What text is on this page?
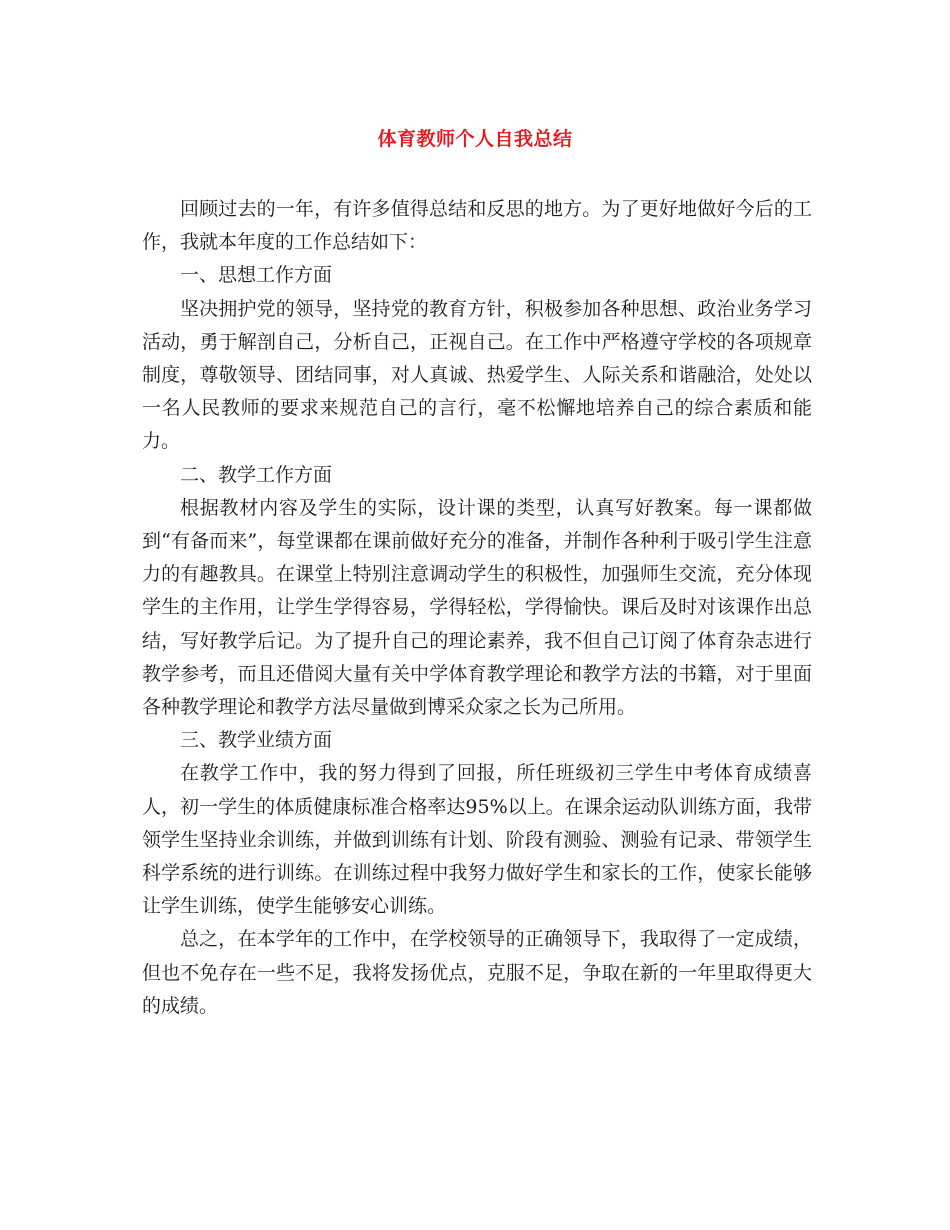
体育教师个人自我总结

回顾过去的一年，有许多值得总结和反思的地方。为了更好地做好今后的工作，我就本年度的工作总结如下：

一、思想工作方面

坚决拥护党的领导，坚持党的教育方针，积极参加各种思想、政治业务学习活动，勇于解剖自己，分析自己，正视自己。在工作中严格遵守学校的各项规章制度，尊敬领导、团结同事，对人真诚、热爱学生、人际关系和谐融洽，处处以一名人民教师的要求来规范自己的言行，毫不松懈地培养自己的综合素质和能力。

二、教学工作方面

根据教材内容及学生的实际，设计课的类型，认真写好教案。每一课都做到“有备而来”，每堂课都在课前做好充分的准备，并制作各种利于吸引学生注意力的有趣教具。在课堂上特别注意调动学生的积极性，加强师生交流，充分体现学生的主作用，让学生学得容易，学得轻松，学得愉快。课后及时对该课作出总结，写好教学后记。为了提升自己的理论素养，我不但自己订阅了体育杂志进行教学参考，而且还借阅大量有关中学体育教学理论和教学方法的书籍，对于里面各种教学理论和教学方法尽量做到博采众家之长为己所用。

三、教学业绩方面

在教学工作中，我的努力得到了回报，所任班级初三学生中考体育成绩喜人，初一学生的体质健康标准合格率达95%以上。在课余运动队训练方面，我带领学生坚持业余训练，并做到训练有计划、阶段有测验、测验有记录、带领学生科学系统的进行训练。在训练过程中我努力做好学生和家长的工作，使家长能够让学生训练，使学生能够安心训练。

总之，在本学年的工作中，在学校领导的正确领导下，我取得了一定成绩，但也不免存在一些不足，我将发扬优点，克服不足，争取在新的一年里取得更大的成绩。
